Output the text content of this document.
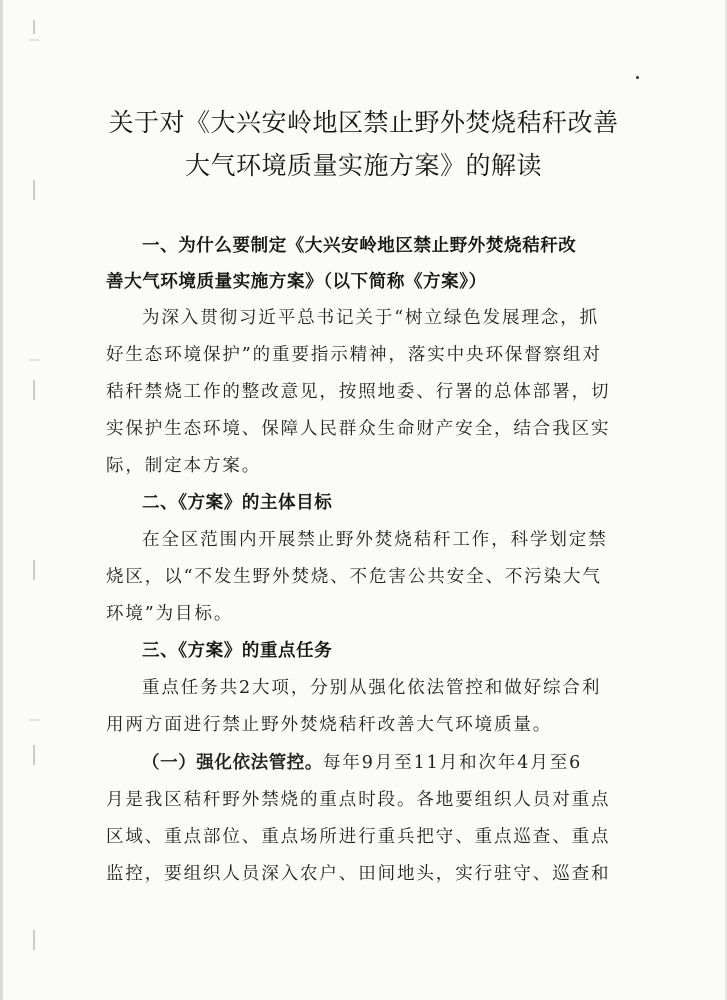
关于对《大兴安岭地区禁止野外焚烧秸秆改善
大气环境质量实施方案》的解读
一、为什么要制定《大兴安岭地区禁止野外焚烧秸秆改
善大气环境质量实施方案》（以下简称《方案》）
为深入贯彻习近平总书记关于“树立绿色发展理念，抓
好生态环境保护”的重要指示精神，落实中央环保督察组对
秸秆禁烧工作的整改意见，按照地委、行署的总体部署，切
实保护生态环境、保障人民群众生命财产安全，结合我区实
际，制定本方案。
二、《方案》的主体目标
在全区范围内开展禁止野外焚烧秸秆工作，科学划定禁
烧区，以“不发生野外焚烧、不危害公共安全、不污染大气
环境”为目标。
三、《方案》的重点任务
重点任务共2大项，分别从强化依法管控和做好综合利
用两方面进行禁止野外焚烧秸秆改善大气环境质量。
（一）强化依法管控。每年9月至11月和次年4月至6
月是我区秸秆野外禁烧的重点时段。各地要组织人员对重点
区域、重点部位、重点场所进行重兵把守、重点巡查、重点
监控，要组织人员深入农户、田间地头，实行驻守、巡查和
